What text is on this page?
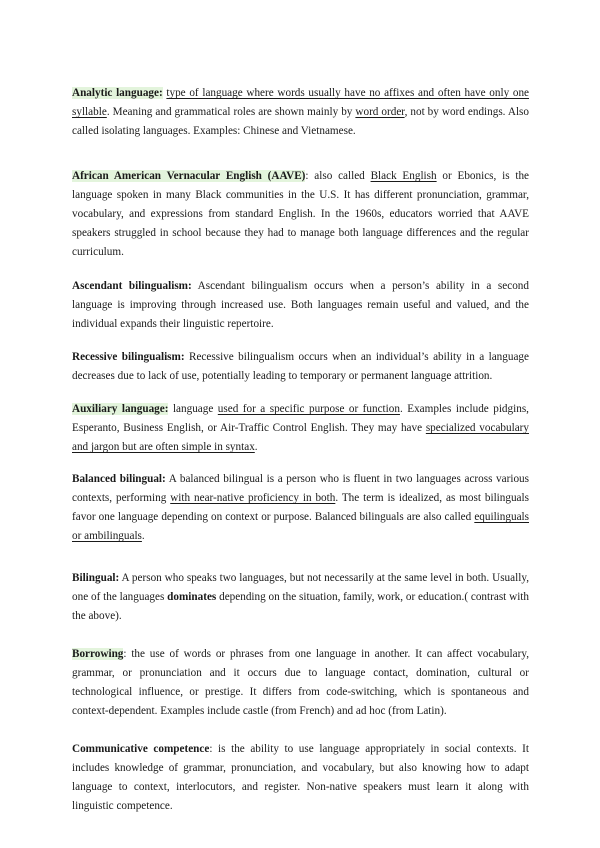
Analytic language: type of language where words usually have no affixes and often have only one syllable. Meaning and grammatical roles are shown mainly by word order, not by word endings. Also called isolating languages. Examples: Chinese and Vietnamese.

African American Vernacular English (AAVE): also called Black English or Ebonics, is the language spoken in many Black communities in the U.S. It has different pronunciation, grammar, vocabulary, and expressions from standard English. In the 1960s, educators worried that AAVE speakers struggled in school because they had to manage both language differences and the regular curriculum.

Ascendant bilingualism: Ascendant bilingualism occurs when a person’s ability in a second language is improving through increased use. Both languages remain useful and valued, and the individual expands their linguistic repertoire.

Recessive bilingualism: Recessive bilingualism occurs when an individual’s ability in a language decreases due to lack of use, potentially leading to temporary or permanent language attrition.

Auxiliary language: language used for a specific purpose or function. Examples include pidgins, Esperanto, Business English, or Air-Traffic Control English. They may have specialized vocabulary and jargon but are often simple in syntax.

Balanced bilingual: A balanced bilingual is a person who is fluent in two languages across various contexts, performing with near-native proficiency in both. The term is idealized, as most bilinguals favor one language depending on context or purpose. Balanced bilinguals are also called equilinguals or ambilinguals.

Bilingual: A person who speaks two languages, but not necessarily at the same level in both. Usually, one of the languages dominates depending on the situation, family, work, or education.( contrast with the above).

Borrowing: the use of words or phrases from one language in another. It can affect vocabulary, grammar, or pronunciation and it occurs due to language contact, domination, cultural or technological influence, or prestige. It differs from code-switching, which is spontaneous and context-dependent. Examples include castle (from French) and ad hoc (from Latin).

Communicative competence: is the ability to use language appropriately in social contexts. It includes knowledge of grammar, pronunciation, and vocabulary, but also knowing how to adapt language to context, interlocutors, and register. Non-native speakers must learn it along with linguistic competence.
